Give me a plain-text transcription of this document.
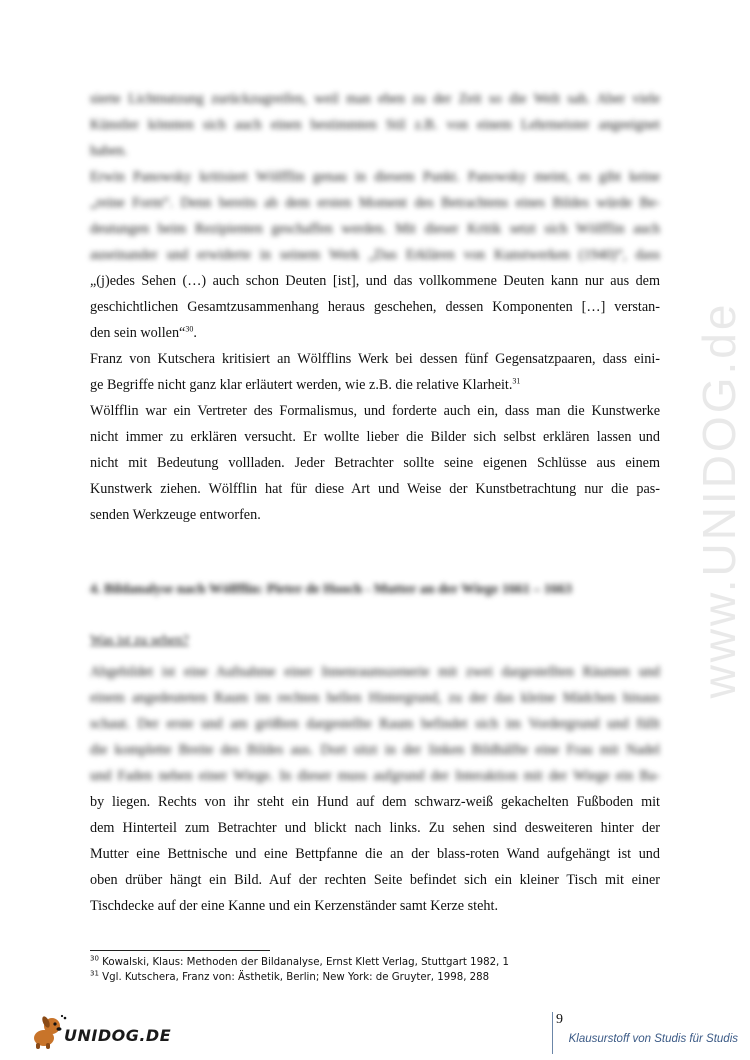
sierte Lichtnutzung zurückzugreifen, weil man eben zu der Zeit so die Welt sah. Aber viele
Künstler könnten sich auch einen bestimmten Stil z.B. von einem Lehrmeister angeeignet
haben.
Erwin Panowsky kritisiert Wölfflin genau in diesem Punkt. Panowsky meint, es gibt keine
„reine Form“. Denn bereits ab dem ersten Moment des Betrachtens eines Bildes würde Be-
deutungen beim Rezipienten geschaffen werden. Mit dieser Kritik setzt sich Wölfflin auch
auseinander und erwiderte in seinem Werk „Das Erklären von Kunstwerken (1940)“, dass
„(j)edes Sehen (…) auch schon Deuten [ist], und das vollkommene Deuten kann nur aus dem
geschichtlichen Gesamtzusammenhang heraus geschehen, dessen Komponenten […] verstan-
den sein wollen“$^{30}$.
Franz von Kutschera kritisiert an Wölfflins Werk bei dessen fünf Gegensatzpaaren, dass eini-
ge Begriffe nicht ganz klar erläutert werden, wie z.B. die relative Klarheit.$^{31}$
Wölfflin war ein Vertreter des Formalismus, und forderte auch ein, dass man die Kunstwerke
nicht immer zu erklären versucht. Er wollte lieber die Bilder sich selbst erklären lassen und
nicht mit Bedeutung vollladen. Jeder Betrachter sollte seine eigenen Schlüsse aus einem
Kunstwerk ziehen. Wölfflin hat für diese Art und Weise der Kunstbetrachtung nur die pas-
senden Werkzeuge entworfen.
4. Bildanalyse nach Wölfflin: Pieter de Hooch - Mutter an der Wiege 1661 – 1663
Was ist zu sehen?
Abgebildet ist eine Aufnahme einer Innenraumszenerie mit zwei dargestellten Räumen und
einem angedeuteten Raum im rechten hellen Hintergrund, zu der das kleine Mädchen hinaus
schaut. Der erste und am größten dargestellte Raum befindet sich im Vordergrund und füllt
die komplette Breite des Bildes aus. Dort sitzt in der linken Bildhälfte eine Frau mit Nadel
und Faden neben einer Wiege. In dieser muss aufgrund der Interaktion mit der Wiege ein Ba-
by liegen. Rechts von ihr steht ein Hund auf dem schwarz-weiß gekachelten Fußboden mit
dem Hinterteil zum Betrachter und blickt nach links. Zu sehen sind desweiteren hinter der
Mutter eine Bettnische und eine Bettpfanne die an der blass-roten Wand aufgehängt ist und
oben drüber hängt ein Bild. Auf der rechten Seite befindet sich ein kleiner Tisch mit einer
Tischdecke auf der eine Kanne und ein Kerzenständer samt Kerze steht.
www.UNIDOG.de
$^{30}$ Kowalski, Klaus: Methoden der Bildanalyse, Ernst Klett Verlag, Stuttgart 1982, 1
$^{31}$ Vgl. Kutschera, Franz von: Ästhetik, Berlin; New York: de Gruyter, 1998, 288
UNIDOG.DE
9
Klausurstoff von Studis für Studis
